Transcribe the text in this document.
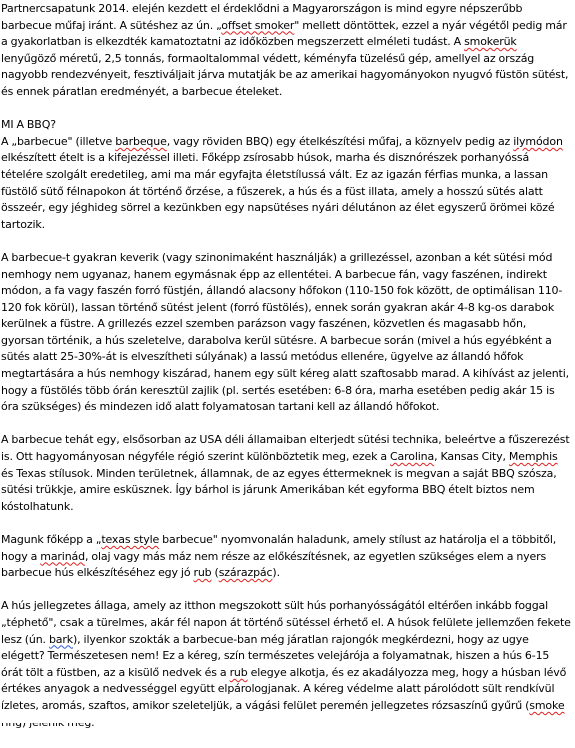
Partnercsapatunk 2014. elején kezdett el érdeklődni a Magyarországon is mind egyre népszerűbb barbecue műfaj iránt. A sütéshez az ún. „offset smoker" mellett döntöttek, ezzel a nyár végétől pedig már a gyakorlatban is elkezdték kamatoztatni az időközben megszerzett elméleti tudást. A smokerük lenyűgöző méretű, 2,5 tonnás, formaoltalommal védett, kéményfa tüzelésű gép, amellyel az ország nagyobb rendezvényeit, fesztiváljait járva mutatják be az amerikai hagyományokon nyugvó füstön sütést, és ennek páratlan eredményét, a barbecue ételeket.

MI A BBQ?

A „barbecue" (illetve barbeque, vagy röviden BBQ) egy ételkészítési műfaj, a köznyelv pedig az ilymódon elkészített ételt is a kifejezéssel illeti. Főképp zsírosabb húsok, marha és disznórészek porhanyóssá tételére szolgált eredetileg, ami ma már egyfajta életstílussá vált. Ez az igazán férfias munka, a lassan füstölő sütő félnapokon át történő őrzése, a fűszerek, a hús és a füst illata, amely a hosszú sütés alatt összeér, egy jéghideg sörrel a kezünkben egy napsütéses nyári délutánon az élet egyszerű örömei közé tartozik.

A barbecue-t gyakran keverik (vagy szinonimaként használják) a grillezéssel, azonban a két sütési mód nemhogy nem ugyanaz, hanem egymásnak épp az ellentétei. A barbecue fán, vagy faszénen, indirekt módon, a fa vagy faszén forró füstjén, állandó alacsony hőfokon (110-150 fok között, de optimálisan 110-120 fok körül), lassan történő sütést jelent (forró füstölés), ennek során gyakran akár 4-8 kg-os darabok kerülnek a füstre. A grillezés ezzel szemben parázson vagy faszénen, közvetlen és magasabb hőn, gyorsan történik, a hús szeletelve, darabolva kerül sütésre. A barbecue során (mivel a hús egyébként a sütés alatt 25-30%-át is elveszítheti súlyának) a lassú metódus ellenére, ügyelve az állandó hőfok megtartására a hús nemhogy kiszárad, hanem egy sült kéreg alatt szaftosabb marad. A kihívást az jelenti, hogy a füstölés több órán keresztül zajlik (pl. sertés esetében: 6-8 óra, marha esetében pedig akár 15 is óra szükséges) és mindezen idő alatt folyamatosan tartani kell az állandó hőfokot.

A barbecue tehát egy, elsősorban az USA déli államaiban elterjedt sütési technika, beleértve a fűszerezést is. Ott hagyományosan négyféle régió szerint különböztetik meg, ezek a Carolina, Kansas City, Memphis és Texas stílusok. Minden területnek, államnak, de az egyes éttermeknek is megvan a saját BBQ szósza, sütési trükkje, amire esküsznek. Így bárhol is járunk Amerikában két egyforma BBQ ételt biztos nem kóstolhatunk.

Magunk főképp a „texas style barbecue" nyomvonalán haladunk, amely stílust az határolja el a többitől, hogy a marinád, olaj vagy más máz nem része az előkészítésnek, az egyetlen szükséges elem a nyers barbecue hús elkészítéséhez egy jó rub (szárazpác).

A hús jellegzetes állaga, amely az itthon megszokott sült hús porhanyósságától eltérően inkább foggal „téphető", csak a türelmes, akár fél napon át történő sütéssel érhető el. A húsok felülete jellemzően fekete lesz (ún. bark), ilyenkor szokták a barbecue-ban még járatlan rajongók megkérdezni, hogy az ugye elégett? Természetesen nem! Ez a kéreg, szín természetes velejárója a folyamatnak, hiszen a hús 6-15 órát tölt a füstben, az a kisülő nedvek és a rub elegye alkotja, és ez akadályozza meg, hogy a húsban lévő értékes anyagok a nedvességgel együtt elpárologjanak. A kéreg védelme alatt párolódott sült rendkívül ízletes, aromás, szaftos, amikor szeleteljük, a vágási felület peremén jellegzetes rózsaszínű gyűrű (smoke
